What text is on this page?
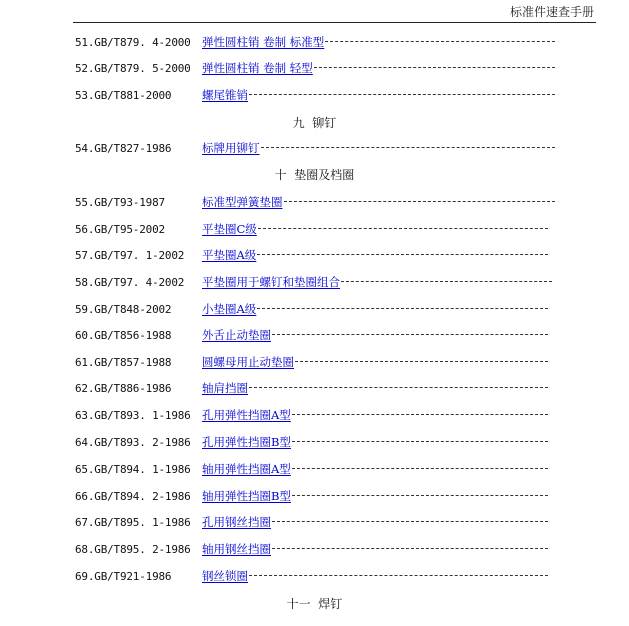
标准件速查手册
51.GB/T879. 4-2000 弹性圆柱销 卷制 标准型
52.GB/T879. 5-2000 弹性圆柱销 卷制 轻型
53.GB/T881-2000	螺尾锥销
54.GB/T827-1986	标牌用铆钉
55.GB/T93-1987	标准型弹簧垫圈
56.GB/T95-2002	平垫圈C级
57.GB/T97. 1-2002 平垫圈A级
58.GB/T97. 4-2002 平垫圈用于螺钉和垫圈组合
59.GB/T848-2002	小垫圈A级
60.GB/T856-1988	外舌止动垫圈
61.GB/T857-1988	圆螺母用止动垫圈
62.GB/T886-1986	轴肩挡圈
63.GB/T893. 1-1986 孔用弹性挡圈A型
64.GB/T893. 2-1986 孔用弹性挡圈B型
65.GB/T894. 1-1986 轴用弹性挡圈A型
66.GB/T894. 2-1986 轴用弹性挡圈B型
67.GB/T895. 1-1986 孔用钢丝挡圈
68.GB/T895. 2-1986 轴用钢丝挡圈
69.GB/T921-1986	钢丝锁圈
九  铆钉
十  垫圈及档圈
十一  焊钉
